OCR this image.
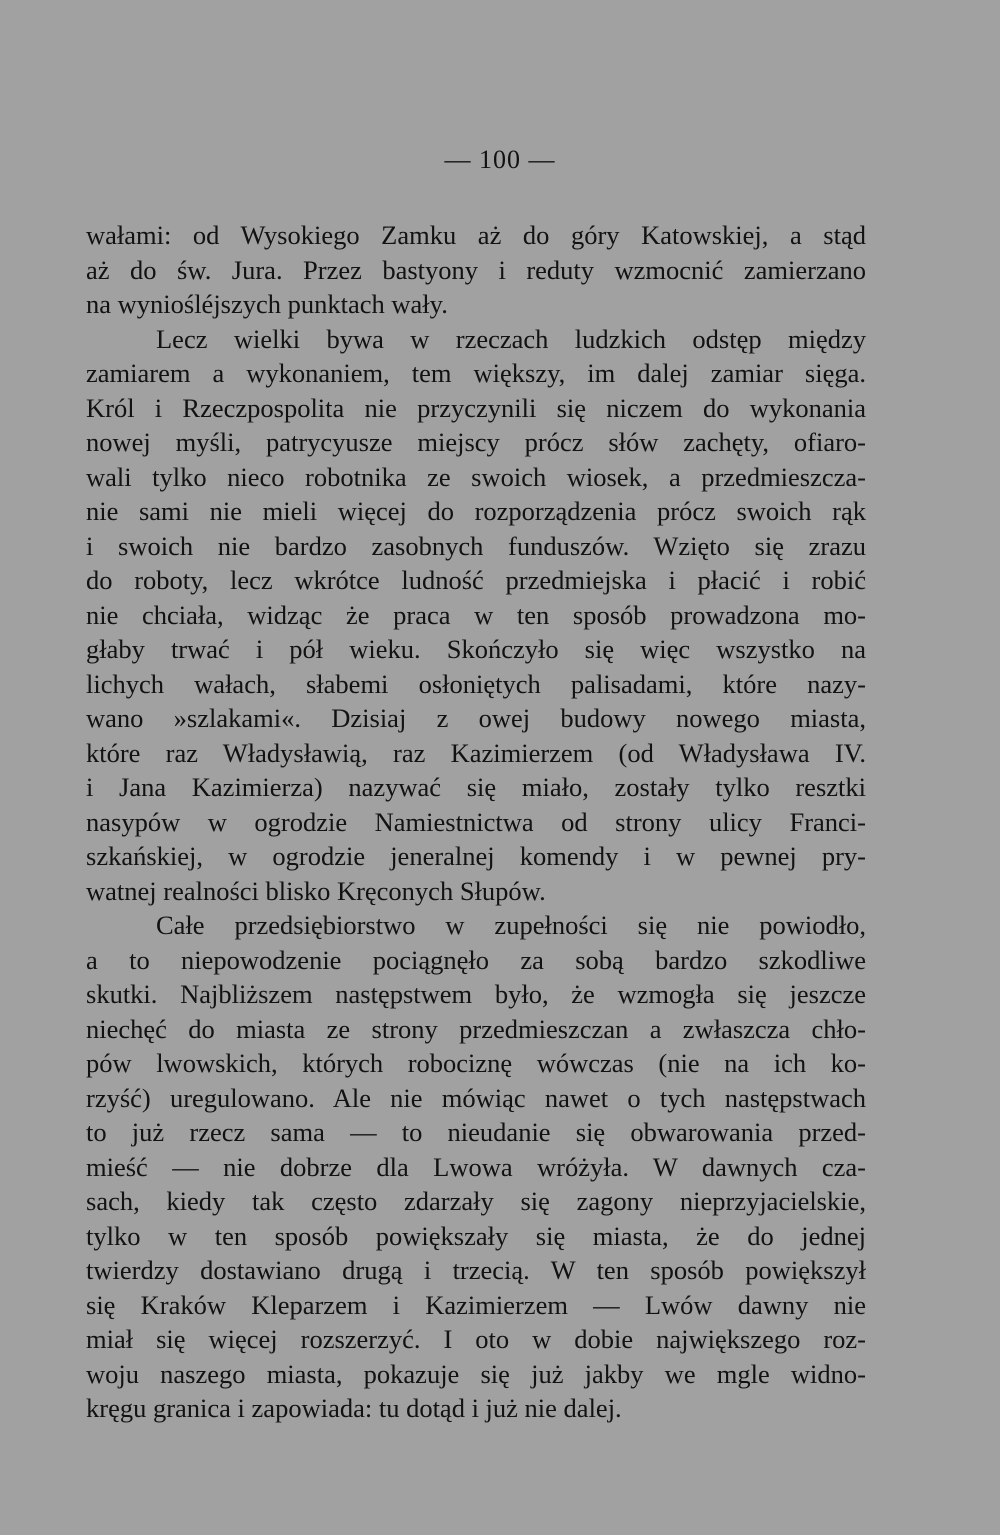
— 100 —
wałami: od Wysokiego Zamku aż do góry Katowskiej, a stąd
aż do św. Jura. Przez bastyony i reduty wzmocnić zamierzano
na wyniośléjszych punktach wały.
Lecz wielki bywa w rzeczach ludzkich odstęp między
zamiarem a wykonaniem, tem większy, im dalej zamiar sięga.
Król i Rzeczpospolita nie przyczynili się niczem do wykonania
nowej myśli, patrycyusze miejscy prócz słów zachęty, ofiaro-
wali tylko nieco robotnika ze swoich wiosek, a przedmieszcza-
nie sami nie mieli więcej do rozporządzenia prócz swoich rąk
i swoich nie bardzo zasobnych funduszów. Wzięto się zrazu
do roboty, lecz wkrótce ludność przedmiejska i płacić i robić
nie chciała, widząc że praca w ten sposób prowadzona mo-
głaby trwać i pół wieku. Skończyło się więc wszystko na
lichych wałach, słabemi osłoniętych palisadami, które nazy-
wano »szlakami«. Dzisiaj z owej budowy nowego miasta,
które raz Władysławią, raz Kazimierzem (od Władysława IV.
i Jana Kazimierza) nazywać się miało, zostały tylko resztki
nasypów w ogrodzie Namiestnictwa od strony ulicy Franci-
szkańskiej, w ogrodzie jeneralnej komendy i w pewnej pry-
watnej realności blisko Kręconych Słupów.
Całe przedsiębiorstwo w zupełności się nie powiodło,
a to niepowodzenie pociągnęło za sobą bardzo szkodliwe
skutki. Najbliższem następstwem było, że wzmogła się jeszcze
niechęć do miasta ze strony przedmieszczan a zwłaszcza chło-
pów lwowskich, których robociznę wówczas (nie na ich ko-
rzyść) uregulowano. Ale nie mówiąc nawet o tych następstwach
to już rzecz sama — to nieudanie się obwarowania przed-
mieść — nie dobrze dla Lwowa wróżyła. W dawnych cza-
sach, kiedy tak często zdarzały się zagony nieprzyjacielskie,
tylko w ten sposób powiększały się miasta, że do jednej
twierdzy dostawiano drugą i trzecią. W ten sposób powiększył
się Kraków Kleparzem i Kazimierzem — Lwów dawny nie
miał się więcej rozszerzyć. I oto w dobie największego roz-
woju naszego miasta, pokazuje się już jakby we mgle widno-
kręgu granica i zapowiada: tu dotąd i już nie dalej.
